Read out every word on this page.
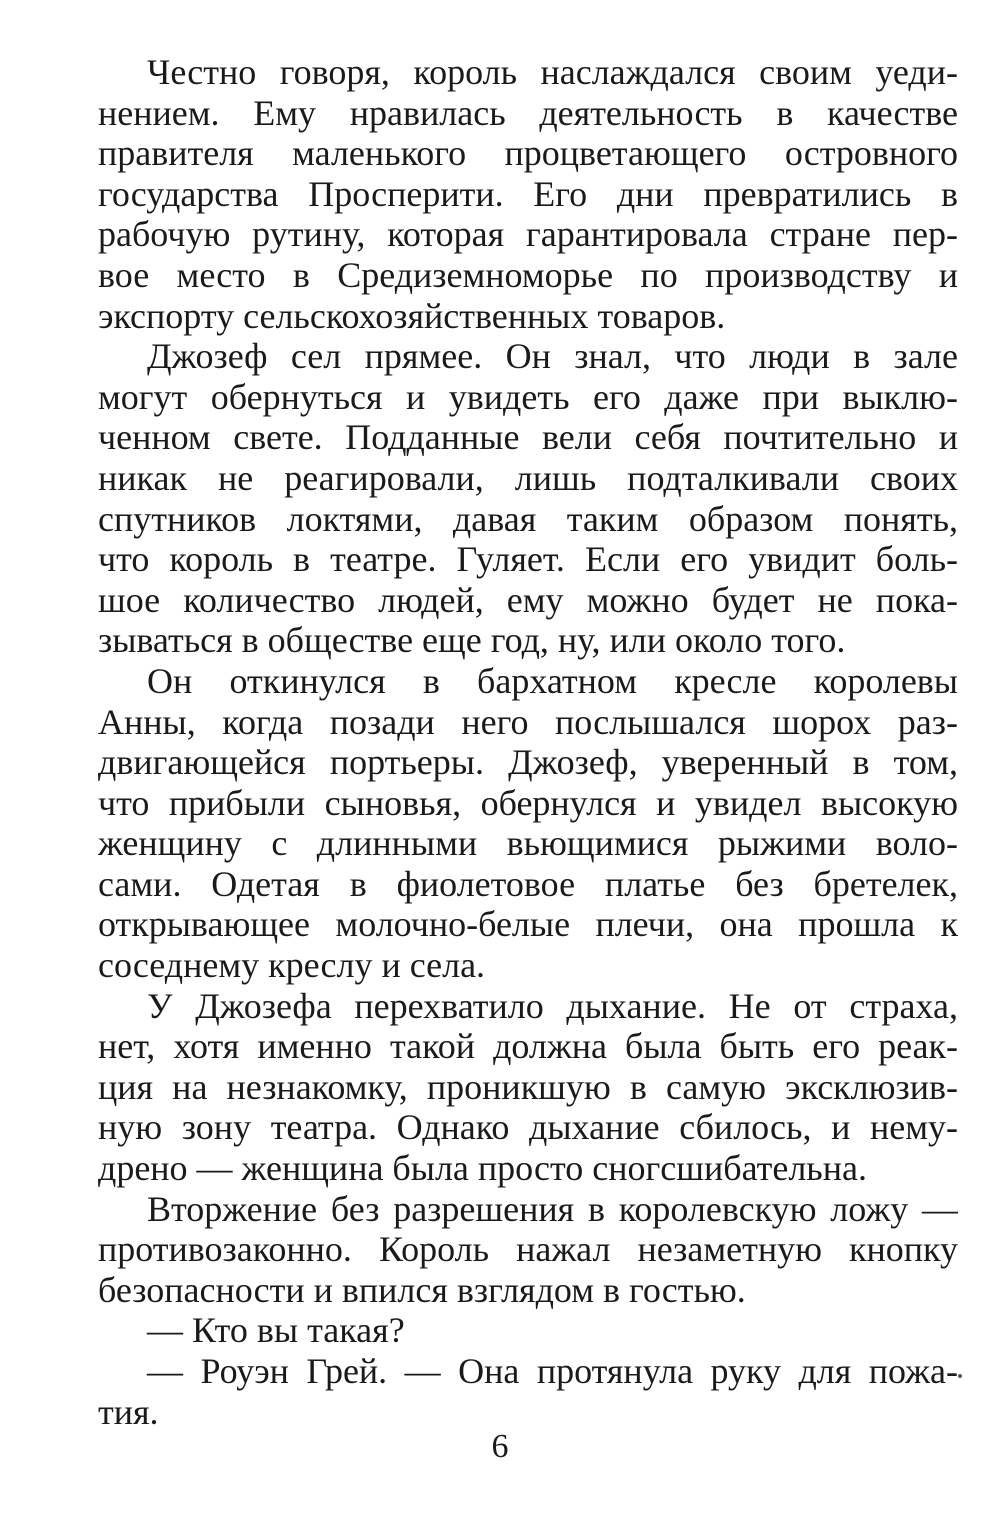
Честно говоря, король наслаждался своим уеди-
нением. Ему нравилась деятельность в качестве
правителя маленького процветающего островного
государства Просперити. Его дни превратились в
рабочую рутину, которая гарантировала стране пер-
вое место в Средиземноморье по производству и
экспорту сельскохозяйственных товаров.

Джозеф сел прямее. Он знал, что люди в зале
могут обернуться и увидеть его даже при выклю-
ченном свете. Подданные вели себя почтительно и
никак не реагировали, лишь подталкивали своих
спутников локтями, давая таким образом понять,
что король в театре. Гуляет. Если его увидит боль-
шое количество людей, ему можно будет не пока-
зываться в обществе еще год, ну, или около того.

Он откинулся в бархатном кресле королевы
Анны, когда позади него послышался шорох раз-
двигающейся портьеры. Джозеф, уверенный в том,
что прибыли сыновья, обернулся и увидел высокую
женщину с длинными вьющимися рыжими воло-
сами. Одетая в фиолетовое платье без бретелек,
открывающее молочно-белые плечи, она прошла к
соседнему креслу и села.

У Джозефа перехватило дыхание. Не от страха,
нет, хотя именно такой должна была быть его реак-
ция на незнакомку, проникшую в самую эксклюзив-
ную зону театра. Однако дыхание сбилось, и нему-
дрено — женщина была просто сногсшибательна.

Вторжение без разрешения в королевскую ложу —
противозаконно. Король нажал незаметную кнопку
безопасности и впился взглядом в гостью.

— Кто вы такая?

— Роуэн Грей. — Она протянула руку для пожа-
тия.

6
